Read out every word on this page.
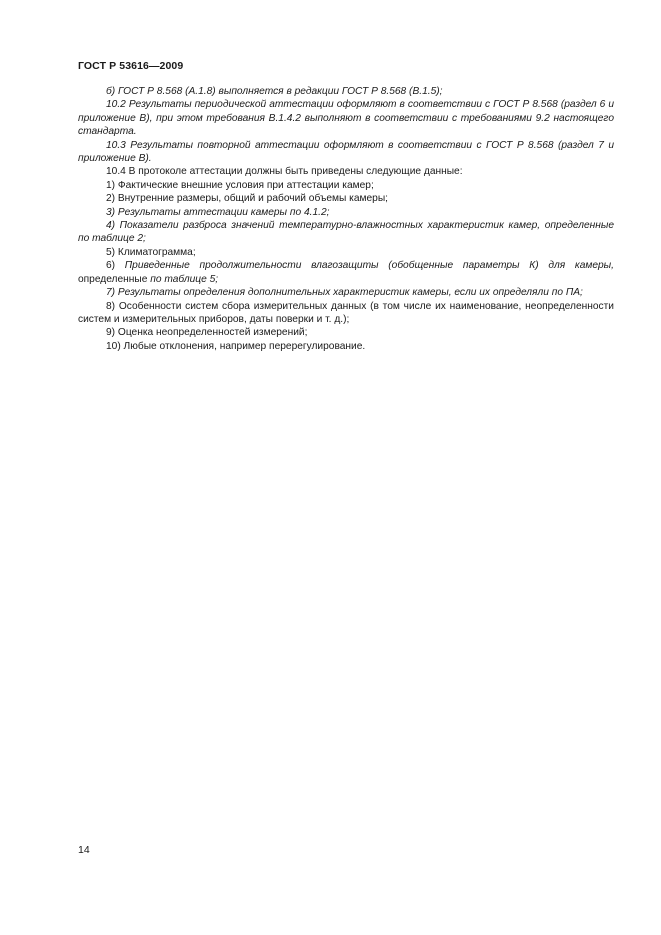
ГОСТ Р 53616—2009

б) ГОСТ Р 8.568 (А.1.8) выполняется в редакции ГОСТ Р 8.568 (В.1.5);

10.2 Результаты периодической аттестации оформляют в соответствии с ГОСТ Р 8.568 (раздел 6 и приложение В), при этом требования В.1.4.2 выполняют в соответствии с требованиями 9.2 настоящего стандарта.

10.3 Результаты повторной аттестации оформляют в соответствии с ГОСТ Р 8.568 (раздел 7 и приложение В).

10.4 В протоколе аттестации должны быть приведены следующие данные:

1) Фактические внешние условия при аттестации камер;

2) Внутренние размеры, общий и рабочий объемы камеры;

3) Результаты аттестации камеры по 4.1.2;

4) Показатели разброса значений температурно-влажностных характеристик камер, определенные по таблице 2;

5) Климатограмма;

6) Приведенные продолжительности влагозащиты (обобщенные параметры К) для камеры, определенные по таблице 5;

7) Результаты определения дополнительных характеристик камеры, если их определяли по ПА;

8) Особенности систем сбора измерительных данных (в том числе их наименование, неопределенности систем и измерительных приборов, даты поверки и т. д.);

9) Оценка неопределенностей измерений;

10) Любые отклонения, например перерегулирование.

14
